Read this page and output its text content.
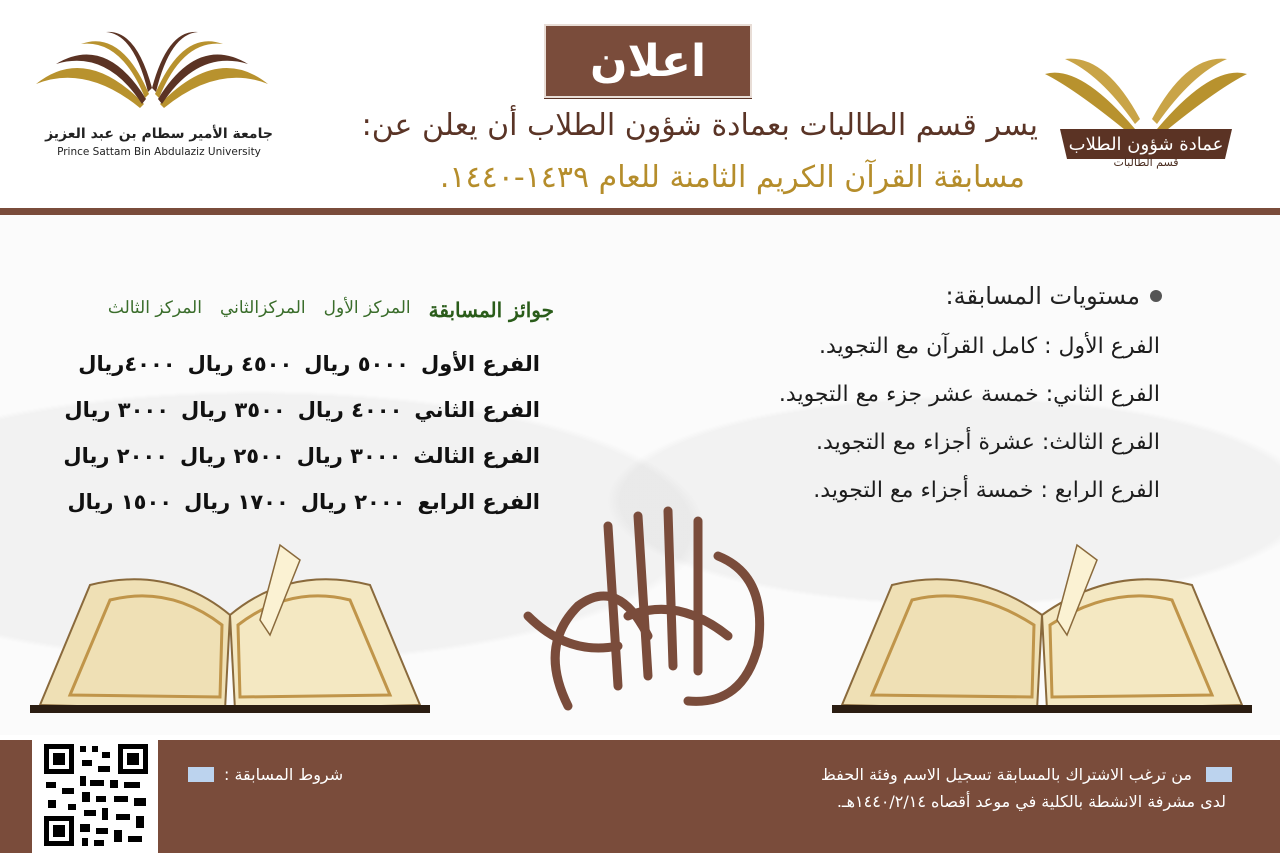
جامعة الأمير سطام بن عبد العزيز
Prince Sattam Bin Abdulaziz University	عمادة شؤون الطلاب
قسم الطالبات
اعلان
يسر قسم الطالبات بعمادة شؤون الطلاب أن يعلن عن:
مسابقة القرآن الكريم الثامنة للعام ١٤٣٩-١٤٤٠.
مستويات المسابقة:
الفرع الأول : كامل القرآن مع التجويد.
الفرع الثاني: خمسة عشر جزء مع التجويد.
الفرع الثالث: عشرة أجزاء مع التجويد.
الفرع الرابع : خمسة أجزاء مع التجويد.
جوائز المسابقة
المركز الأول
المركزالثاني
المركز الثالث
الفرع الأول
٥٠٠٠ ريال
٤٥٠٠ ريال
٤٠٠٠ريال
الفرع الثاني
٤٠٠٠ ريال
٣٥٠٠ ريال
٣٠٠٠ ريال
الفرع الثالث
٣٠٠٠ ريال
٢٥٠٠ ريال
٢٠٠٠ ريال
الفرع الرابع
٢٠٠٠ ريال
١٧٠٠ ريال
١٥٠٠ ريال
شروط المسابقة :	من ترغب الاشتراك بالمسابقة تسجيل الاسم وفئة الحفظ
لدى مشرفة الانشطة بالكلية في موعد أقصاه ١٤٤٠/٢/١٤هـ.
